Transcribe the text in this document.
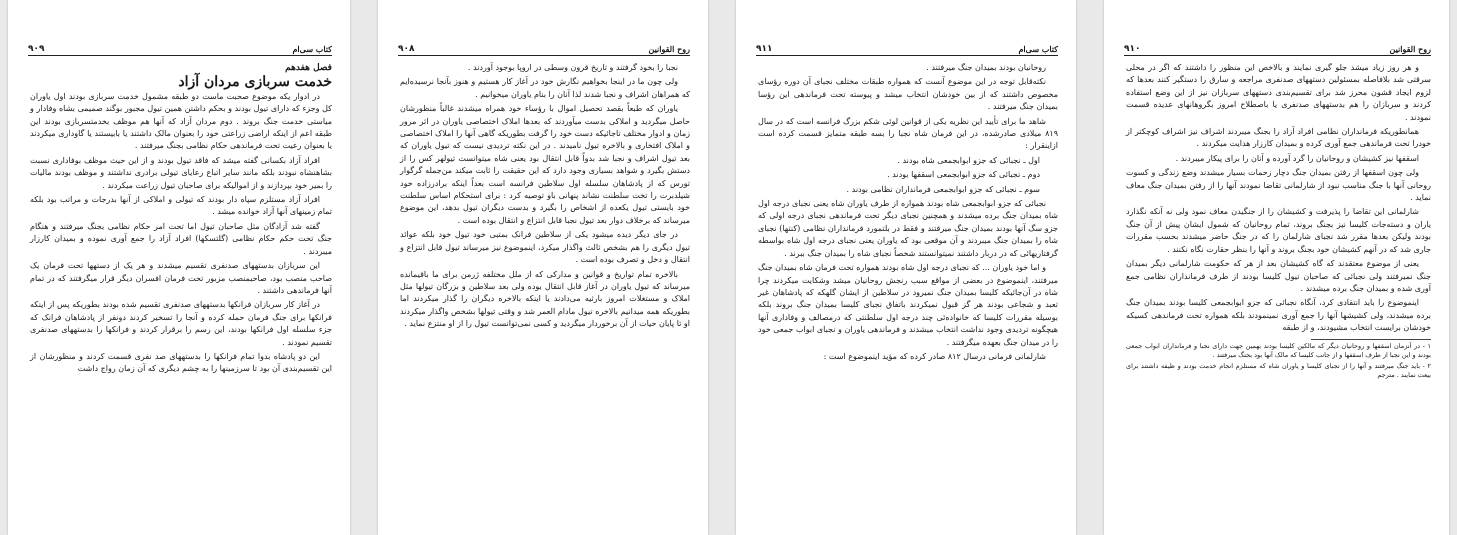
۹۰۹	کتاب سی‌ام

فصل هفدهم

خدمت سربازی مردان آزاد

در ادوار یکه موضوع صحبت ماست دو طبقه مشمول خدمت سربازی بودند اول یاوران کل وجزء که دارای تیول بودند و بحکم داشتن همین تیول مجبور بوگند صمیمی بشاه وفادار و میاستی خدمت جنگ بروند . دوم مردان آزاد که آنها هم موظف بخدمتسربازی بودند این طبقه اعم از اینکه اراضی زراعتی خود را بعنوان مالک داشتند یا بابیستند یا گاوداری میکردند یا بعنوان رعیت تحت فرماندهی حکام نظامی بجنگ میرفتند .

افراد آزاد بکسانی گفته میشد که فاقد تیول بودند و از این حیث موظف بوفاداری نسبت بشاهنشاه نبودند بلکه مانند سایر اتباع رعایای تیولی برادری نداشتند و موظف بودند مالیات را بمیر خود بپردازند و از اموالیکه برای صاحبان تیول زراعت میکردند .

افراد آزاد مستلزم سپاه دار بودند که تیولی و املاکی از آنها بدرجات و مراتب بود بلکه تمام زمینهای آنها آزاد خوانده میشد .

گفته شد آزادگان مثل صاحبان تیول اما تحت امر حکام نظامی بجنگ میرفتند و هنگام جنگ تحت حکم حکام نظامی (گلتسکها) افراد آزاد را جمع آوری نموده و بمیدان کارزار میبردند .

این سربازان بدستههای صدنفری تقسیم میشدند و هر یک از دستهها تحت فرمان یک صاحب منصب بود، صاحبمنصب مزبور تحت فرمان افسران دیگر قرار میگرفتند که در تمام آنها فرماندهی داشتند .

در آغاز کار سربازان فرانکها بدستههای صدنفری تقسیم شده بودند بطوریکه پس از اینکه فرانکها برای جنگ فرمان حمله کرده و آنجا را تسخیر کردند دونفر از پادشاهان فرانک که جزء سلسله اول فرانکها بودند، این رسم را برقرار کردند و فرانکها را بدستههای صدنفری تقسیم نمودند .

این دو پادشاه بدوا تمام فرانکها را بدستههای صد نفری قسمت کردند و منظورشان از این تقسیم‌بندی آن بود تا سرزمینها را به چشم دیگری که آن زمان رواج داشت

۹۰۸	روح القوانین

نجبا را بخود گرفتند و تاریخ قرون وسطی در اروپا بوجود آوردند .

ولی چون ما در اینجا بخواهیم نگارش خود در آغاز کار هستیم و هنوز بآنجا نرسیده‌ایم که همراهان اشراف و نجبا شدند لذا آنان را بنام یاوران میخوانیم .

یاوران که طبعاً بقصد تحصیل اموال با رؤساء خود همراه میشدند غالباً منظورشان حاصل میگردید و املاکی بدست میآوردند که بعدها املاک اختصاصی یاوران در اثر مرور زمان و ادوار مختلف تاجائیکه دست خود را گرفت بطوریکه گاهی آنها را املاک اختصاصی و املاک افتخاری و بالاخره تیول نامیدند . در این نکته تردیدی نیست که تیول یاوران که بعد تیول اشراف و نجبا شد بدواً قابل انتقال بود یعنی شاه میتوانست تیولهر کس را از دستش بگیرد و شواهد بسیاری وجود دارد که این حقیقت را ثابت میکند من‌جمله گرگوار تورس که از پادشاهان سلسله اول سلاطین فرانسه است بعداً اینکه برادرزاده خود شیلدبرت را تخت سلطنت نشاند پنهانی باو توصیه کرد : برای استحکام اساس سلطنت خود بایستی تیول یکعده از اشخاص را بگیرد و بدست دیگران تیول بدهد، این موضوع میرساند که برخلاف دوار بعد تیول نجبا قابل انتزاع و انتقال بوده است .

در جای دیگر دیده میشود یکی از سلاطین فرانک بمتبی خود تیول خود بلکه عوائد تیول دیگری را هم بشخص ثالث واگذار میکرد، اینموضوع نیز میرساند تیول قابل انتزاع و انتقال و دخل و تصرف بوده است .

بالاخره تمام تواریخ و قوانین و مدارکی که از ملل مختلفه ژرمن برای ما باقیمانده میرساند که تیول یاوران در آغاز قابل انتقال بوده ولی بعد سلاطین و بزرگان تیولها مثل املاک و مستغلات امروز بارثیه می‌دادند یا اینکه بالاخره دیگران را گذار میکردند اما بطوریکه همه میدانیم بالاخره تیول مادام العمر شد و وقتی تیولها بشخص واگذار میکردند او تا پایان حیات از آن برخوردار میگردید و کسی نمی‌توانست تیول را از او منتزع نماید .

۹۱۱	کتاب سی‌ام

روحانیان بودند بمیدان جنگ میرفتند .

نکته‌قابل توجه در این موضوع آنست که همواره طبقات مختلف نجبای آن دوره رؤسای مخصوص داشتند که از بین خودشان انتخاب میشد و پیوسته تحت فرماندهی این رؤسا بمیدان جنگ میرفتند .

شاهد ما برای تأیید این نظریه یکی از قوانین لوئی شکم بزرگ فرانسه است که در سال ۸۱۹ میلادی صادرشده، در این فرمان شاه نجبا را بسه طبقه متمایز قسمت کرده است ازاینقرار :

اول ـ نجبائی که جزو ابوابجمعی شاه بودند .

دوم ـ نجبائی که جزو ابوابجمعی اسقفها بودند .

سوم ـ نجبائی که جزو ابوابجمعی فرمانداران نظامی بودند .

نجبائی که جزو ابوابجمعی شاه بودند همواره از طرف یاوران شاه یعنی نجبای درجه اول شاه بمیدان جنگ برده میشدند و همچنین نجبای دیگر تحت فرماندهی نجبای درجه اولی که جزو سگ آنها بودند بمیدان جنگ میرفتند و فقط در بلتمورد فرمانداران نظامی (کنتها) نجبای شاه را بمیدان جنگ میبردند و آن موقعی بود که یاوران یعنی نجبای درجه اول شاه بواسطه گرفتاریهائی که در دربار داشتند نمیتوانستند شخصاً نجبای شاه را بمیدان جنگ ببرند .

و اما خود یاوران ... که نجبای درجه اول شاه بودند همواره تحت فرمان شاه بمیدان جنگ میرفتند، اینموضوع در بعضی از مواقع سبب رنجش روحانیان میشد وشکایت میکردند چرا شاه در آن‌جائیکه کلیسا بمیدان جنگ نمیرود در سلاطین از ایشان گلهکه که پادشاهان غیر تعبد و شجاعی بودند هر گز قبول نمیکردند باتفاق نجبای کلیسا بمیدان جنگ بروند بلکه بوسیله مقررات کلیسا که خانواده‌ئی چند درجه اول سلطنتی که درمصالف و وفاداری آنها هیچگونه تردیدی وجود نداشت انتخاب میشدند و فرماندهی یاوران و نجبای ابواب جمعی خود را در میدان جنگ بعهده میگرفتند .

شارلمانی فرمانی درسال ۸۱۲ صادر کرده که مؤید اینموضوع است :

۹۱۰	روح القوانین

و هر روز زیاد میشد جلو گیری نمایند و بالاخص این منظور را داشتند که اگر در محلی سرقتی شد بلافاصله بمسئولین دستههای صدنفری مراجعه و سارق را دستگیر کنند بعدها که لزوم ایجاد قشون محرز شد برای تقسیم‌بندی دستههای سربازان نیز از این وضع استفاده کردند و سربازان را هم بدستههای صدنفری یا باصطلاح امروز بگروهانهای عدیده قسمت نمودند .

همانطوریکه فرمانداران نظامی افراد آزاد را بجنگ میبردند اشراف نیز اشراف کوچکتر از خودرا تحت فرماندهی جمع آوری کرده و بمیدان کارزار هدایت میکردند .

اسقفها نیز کشیشان و روحانیان را گرد آورده و آنان را برای پیکار میبردند .

ولی چون اسقفها از رفتن بمیدان جنگ دچار زحمات بسیار میشدند وضع زندگی و کسوت روحانی آنها با جنگ مناسب نبود از شارلمانی تقاضا نمودند آنها را از رفتن بمیدان جنگ معاف نماید .

شارلمانی این تقاضا را پذیرفت و کشیشان را از جنگیدن معاف نمود ولی نه آنکه نگذارد یاران و دسته‌جات کلیسا نیز بجنگ بروند، تمام روحانیان که شمول ایشان پیش از آن جنگ بودند ولیکن بعدها مقرر شد نجبای شارلمان را که در جنگ حاضر میشدند بحسب مقررات جاری شد که در آنهم کشیشان خود بجنگ بروند و آنها را بنظر حقارت نگاه نکنند .

یعنی از موضوع معتقدند که گاه کشیشان بعد از هر که حکومت شارلمانی دیگر بمیدان جنگ نمیرفتند ولی نجبائی که صاحبان تیول کلیسا بودند از طرف فرمانداران نظامی جمع آوری شده و بمیدان جنگ برده میشدند .

اینموضوع را باید انتقادی کرد، آنگاه نجبائی که جزو ابوابجمعی کلیسا بودند بمیدان جنگ برده میشدند، ولی کشیشها آنها را جمع آوری نمینمودند بلکه همواره تحت فرماندهی کسیکه خودشان برایست انتخاب مشیودند، و از طبقه

۱ - در آنزمان اسقفها و روحانیان دیگر که مالکین کلیسا بودند بهمین جهت دارای نجبا و فرمانداران ابواب جمعی بودند و این نجبا از طرف اسقفها و از جانب کلیسا که مالک آنها بود بجنگ میرفتند .

۲ - باید جنگ میرفتند و آنها را از نجبای کلیسا و یاوران شاه که مستلزم انجام خدمت بودند و ظیفه داشتند برای بیعت نمایند . مترجم
